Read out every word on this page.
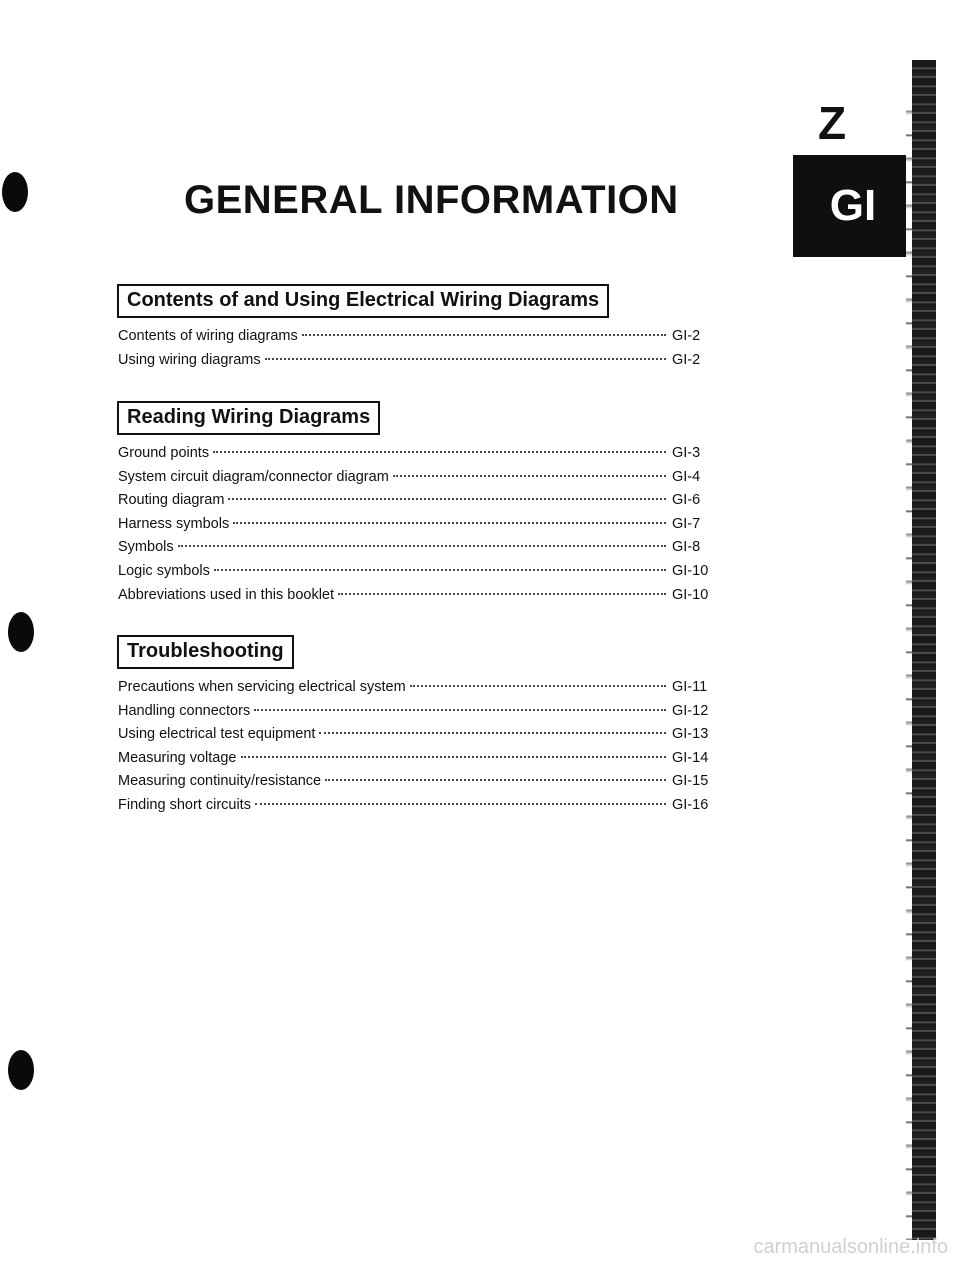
Z
GI
GENERAL INFORMATION
Contents of and Using Electrical Wiring Diagrams
Contents of wiring diagrams	GI-2
Using wiring diagrams	GI-2
Reading Wiring Diagrams
Ground points	GI-3
System circuit diagram/connector diagram	GI-4
Routing diagram	GI-6
Harness symbols	GI-7
Symbols	GI-8
Logic symbols	GI-10
Abbreviations used in this booklet	GI-10
Troubleshooting
Precautions when servicing electrical system	GI-11
Handling connectors	GI-12
Using electrical test equipment	GI-13
Measuring voltage	GI-14
Measuring continuity/resistance	GI-15
Finding short circuits	GI-16
carmanualsonline.info
